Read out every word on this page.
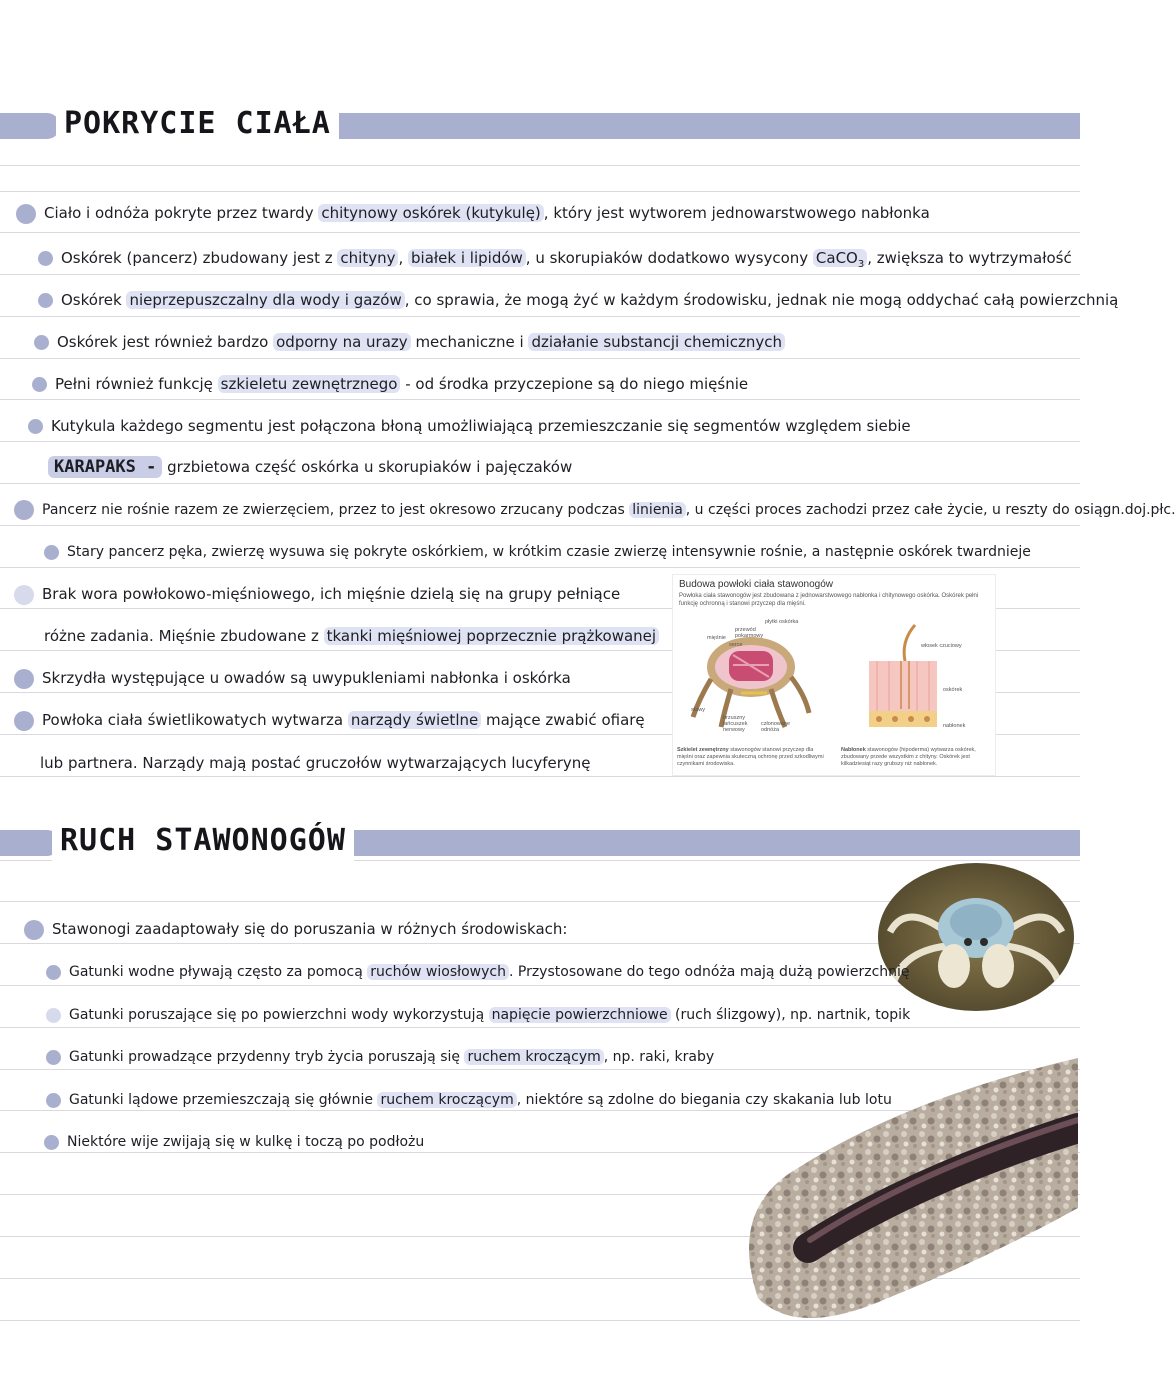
POKRYCIE CIAŁA
Ciało i odnóża pokryte przez twardy chitynowy oskórek (kutykulę) , który jest wytworem jednowarstwowego nabłonka
Oskórek (pancerz) zbudowany jest z chityny , białek i lipidów , u skorupiaków dodatkowo wysycony CaCO$_3$ , zwiększa to wytrzymałość
Oskórek nieprzepuszczalny dla wody i gazów , co sprawia, że mogą żyć w każdym środowisku, jednak nie mogą oddychać całą powierzchnią
Oskórek jest również bardzo odporny na urazy mechaniczne i działanie substancji chemicznych
Pełni również funkcję szkieletu zewnętrznego - od środka przyczepione są do niego mięśnie
Kutykula każdego segmentu jest połączona błoną umożliwiającą przemieszczanie się segmentów względem siebie
KARAPAKS - grzbietowa część oskórka u skorupiaków i pajęczaków
Pancerz nie rośnie razem ze zwierzęciem, przez to jest okresowo zrzucany podczas linienia , u części proces zachodzi przez całe życie, u reszty do osiągn.doj.płc.
Stary pancerz pęka, zwierzę wysuwa się pokryte oskórkiem, w krótkim czasie zwierzę intensywnie rośnie, a następnie oskórek twardnieje
Brak wora powłokowo-mięśniowego, ich mięśnie dzielą się na grupy pełniące
różne zadania. Mięśnie zbudowane z tkanki mięśniowej poprzecznie prążkowanej
Skrzydła występujące u owadów są uwypukleniami nabłonka i oskórka
Powłoka ciała świetlikowatych wytwarza narządy świetlne mające zwabić ofiarę
lub partnera. Narządy mają postać gruczołów wytwarzających lucyferynę
Budowa powłoki ciała stawonogów
Powłoka ciała stawonogów jest zbudowana z jednowarstwowego nabłonka i chitynowego oskórka. Oskórek pełni funkcję ochronną i stanowi przyczep dla mięśni.
płytki oskórka
przewód pokarmowy
mięśnie
serce
stawy
brzuszny łańcuszek nerwowy
członowane odnóża
włosek czuciowy
oskórek
nabłonek
Szkielet zewnętrzny stawonogów stanowi przyczep dla mięśni oraz zapewnia skuteczną ochronę przed szkodliwymi czynnikami środowiska.
Nabłonek stawonogów (hipoderma) wytwarza oskórek, zbudowany przede wszystkim z chityny. Oskórek jest kilkadziesiąt razy grubszy niż nabłonek.
RUCH STAWONOGÓW
Stawonogi zaadaptowały się do poruszania w różnych środowiskach:
Gatunki wodne pływają często za pomocą ruchów wiosłowych . Przystosowane do tego odnóża mają dużą powierzchnię
Gatunki poruszające się po powierzchni wody wykorzystują napięcie powierzchniowe (ruch ślizgowy), np. nartnik, topik
Gatunki prowadzące przydenny tryb życia poruszają się ruchem kroczącym , np. raki, kraby
Gatunki lądowe przemieszczają się głównie ruchem kroczącym , niektóre są zdolne do biegania czy skakania lub lotu
Niektóre wije zwijają się w kulkę i toczą po podłożu
